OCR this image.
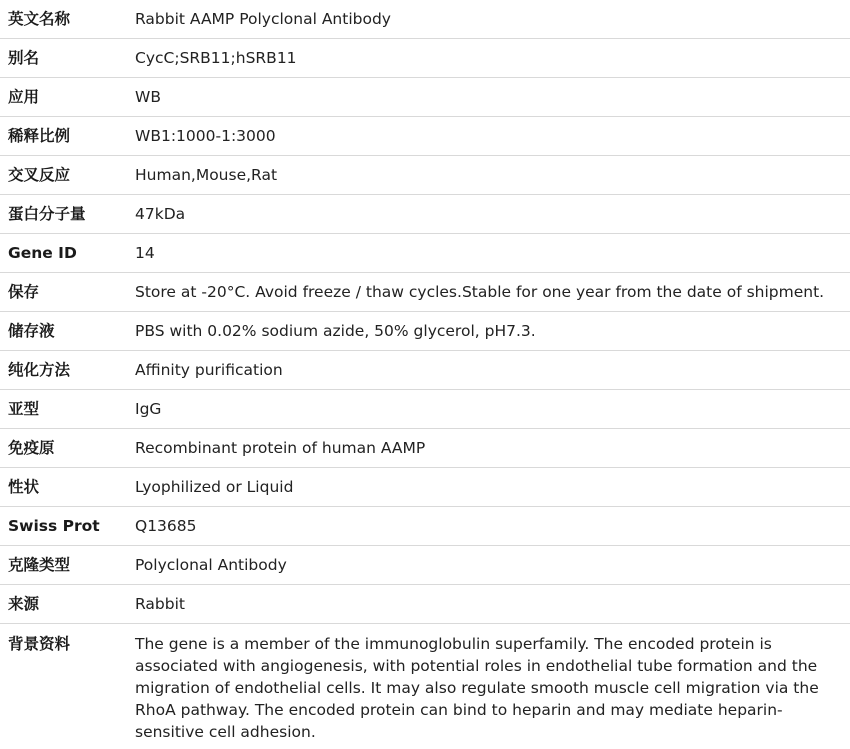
英文名称	Rabbit AAMP Polyclonal Antibody
别名	CycC;SRB11;hSRB11
应用	WB
稀释比例	WB1:1000-1:3000
交叉反应	Human,Mouse,Rat
蛋白分子量	47kDa
Gene ID	14
保存	Store at -20°C. Avoid freeze / thaw cycles.Stable for one year from the date of shipment.
储存液	PBS with 0.02% sodium azide, 50% glycerol, pH7.3.
纯化方法	Affinity purification
亚型	IgG
免疫原	Recombinant protein of human AAMP
性状	Lyophilized or Liquid
Swiss Prot	Q13685
克隆类型	Polyclonal Antibody
来源	Rabbit
背景资料	The gene is a member of the immunoglobulin superfamily. The encoded protein is associated with angiogenesis, with potential roles in endothelial tube formation and the migration of endothelial cells. It may also regulate smooth muscle cell migration via the RhoA pathway. The encoded protein can bind to heparin and may mediate heparin-sensitive cell adhesion.
